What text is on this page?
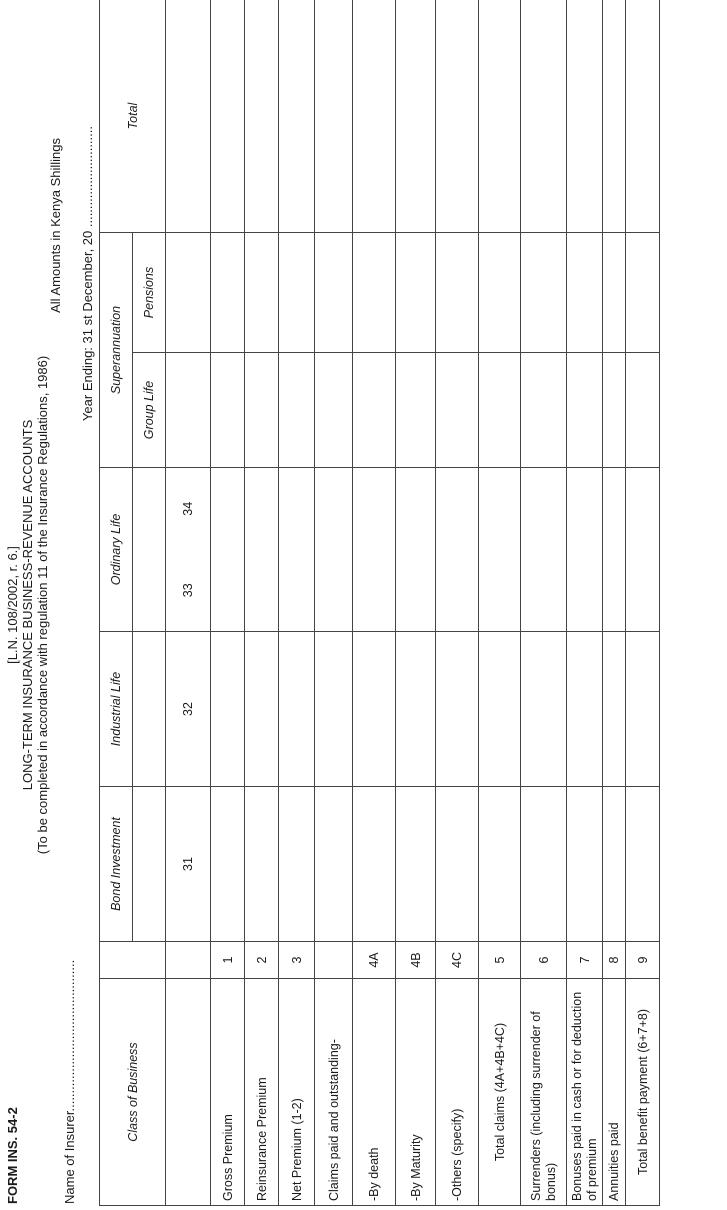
FORM INS. 54-2
[L.N. 108/2002, r. 6.] LONG-TERM INSURANCE BUSINESS-REVENUE ACCOUNTS (To be completed in accordance with regulation 11 of the Insurance Regulations, 1986)
All Amounts in Kenya Shillings
Name of Insurer..........................................
Year Ending: 31 st December, 20 ............................
Class of Business		Bond Investment	Industrial Life	Ordinary Life		Superannuation		Total
						Group Life	Pensions	
		31	32	33	34			
Gross Premium	1							
Reinsurance Premium	2							
Net Premium (1-2)	3							
Claims paid and outstanding-								
-By death	4A							
-By Maturity	4B							
-Others (specify)	4C							
Total claims (4A+4B+4C)	5							
Surrenders (including surrender of bonus)	6							
Bonuses paid in cash or for deduction of premium	7							
Annuities paid	8							
Total benefit payment (6+7+8)	9							
